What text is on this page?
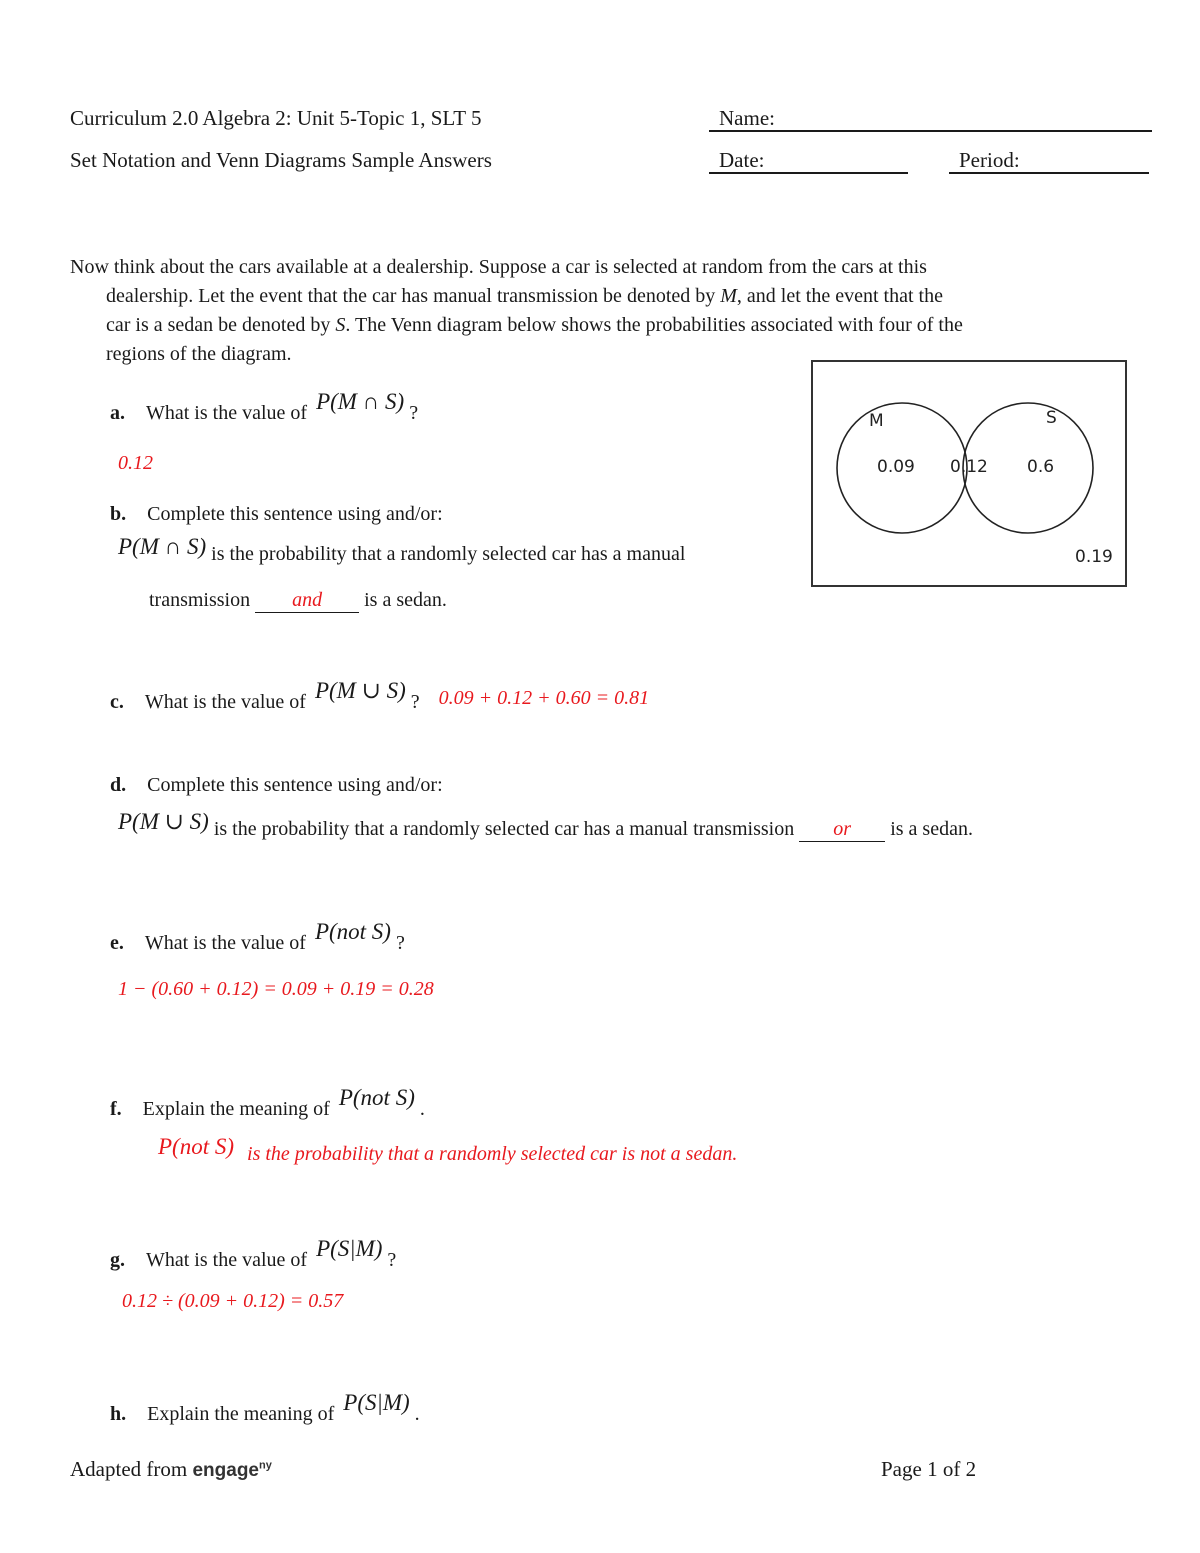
Curriculum 2.0 Algebra 2: Unit 5-Topic 1, SLT 5
Set Notation and Venn Diagrams Sample Answers
Name:
Date:	Period:
Now think about the cars available at a dealership. Suppose a car is selected at random from the cars at this
dealership. Let the event that the car has manual transmission be denoted by M, and let the event that the
car is a sedan be denoted by S. The Venn diagram below shows the probabilities associated with four of the
regions of the diagram.
M	S
0.09 0.12 0.6
0.19
a. What is the value of P(M ∩ S) ?
0.12
b. Complete this sentence using and/or:
P(M ∩ S) is the probability that a randomly selected car has a manual
transmission and is a sedan.
c. What is the value of P(M ∪ S) ? 0.09 + 0.12 + 0.60 = 0.81
d. Complete this sentence using and/or:
P(M ∪ S) is the probability that a randomly selected car has a manual transmission or is a sedan.
e. What is the value of P(not S) ?
1 − (0.60 + 0.12) = 0.09 + 0.19 = 0.28
f. Explain the meaning of P(not S) .
P(not S) is the probability that a randomly selected car is not a sedan.
g. What is the value of P(S|M) ?
0.12 ÷ (0.09 + 0.12) = 0.57
h. Explain the meaning of P(S|M) .
Adapted from engage$^{ny}$	Page 1 of 2
